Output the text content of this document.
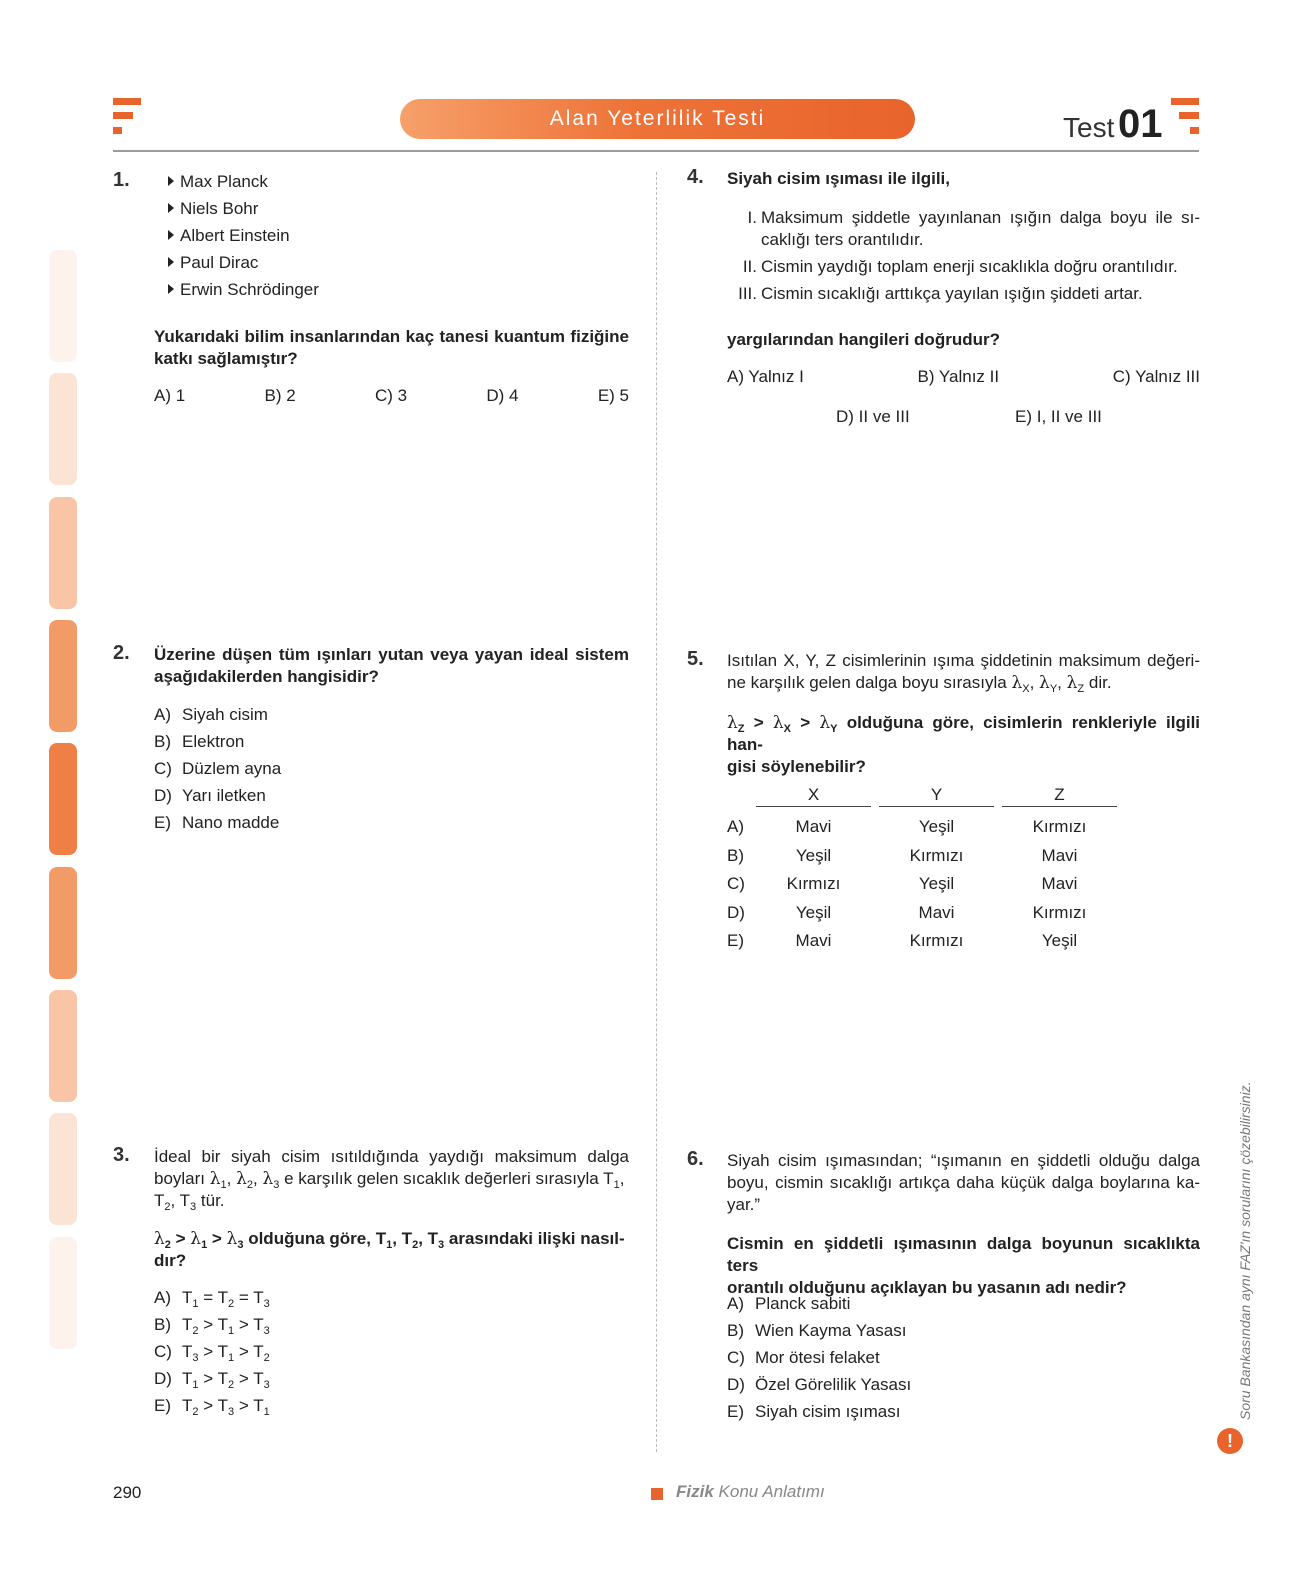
Alan Yeterlilik Testi	Test 01
1.	Max Planck
Niels Bohr
Albert Einstein
Paul Dirac
Erwin Schrödinger
Yukarıdaki bilim insanlarından kaç tanesi kuantum fiziğine katkı sağlamıştır?
A) 1	B) 2	C) 3	D) 4	E) 5
2. Üzerine düşen tüm ışınları yutan veya yayan ideal sistem aşağıdakilerden hangisidir?
A) Siyah cisim
B) Elektron
C) Düzlem ayna
D) Yarı iletken
E) Nano madde
3. İdeal bir siyah cisim ısıtıldığında yaydığı maksimum dalga
boyları $\lambda_1$, $\lambda_2$, $\lambda_3$ e karşılık gelen sıcaklık değerleri sırasıyla $T_1$,
$T_2$, $T_3$ tür.
$\lambda_2 > \lambda_1 > \lambda_3$ olduğuna göre, $T_1$, $T_2$, $T_3$ arasındaki ilişki nasıl-
dır?
A) $T_1 = T_2 = T_3$
B) $T_2 > T_1 > T_3$
C) $T_3 > T_1 > T_2$
D) $T_1 > T_2 > T_3$
E) $T_2 > T_3 > T_1$
4. Siyah cisim ışıması ile ilgili,
I. Maksimum şiddetle yayınlanan ışığın dalga boyu ile sı-
caklığı ters orantılıdır.
II. Cismin yaydığı toplam enerji sıcaklıkla doğru orantılıdır.
III. Cismin sıcaklığı arttıkça yayılan ışığın şiddeti artar.
yargılarından hangileri doğrudur?
A) Yalnız I	B) Yalnız II	C) Yalnız III
D) II ve III	E) I, II ve III
5. Isıtılan X, Y, Z cisimlerinin ışıma şiddetinin maksimum değeri-
ne karşılık gelen dalga boyu sırasıyla $\lambda_X$, $\lambda_Y$, $\lambda_Z$ dir.
$\lambda_Z > \lambda_X > \lambda_Y$ olduğuna göre, cisimlerin renkleriyle ilgili han-
gisi söylenebilir?
X	Y	Z
A)	Mavi	Yeşil	Kırmızı
B)	Yeşil	Kırmızı	Mavi
C)	Kırmızı	Yeşil	Mavi
D)	Yeşil	Mavi	Kırmızı
E)	Mavi	Kırmızı	Yeşil
6. Siyah cisim ışımasından; “ışımanın en şiddetli olduğu dalga
boyu, cismin sıcaklığı artıkça daha küçük dalga boylarına ka-
yar.”
Cismin en şiddetli ışımasının dalga boyunun sıcaklıkta ters
orantılı olduğunu açıklayan bu yasanın adı nedir?
A) Planck sabiti
B) Wien Kayma Yasası
C) Mor ötesi felaket
D) Özel Görelilik Yasası
E) Siyah cisim ışıması	Soru Bankasından aynı FAZ'ın sorularını çözebilirsiniz.
!
290	Fizik Konu Anlatımı
